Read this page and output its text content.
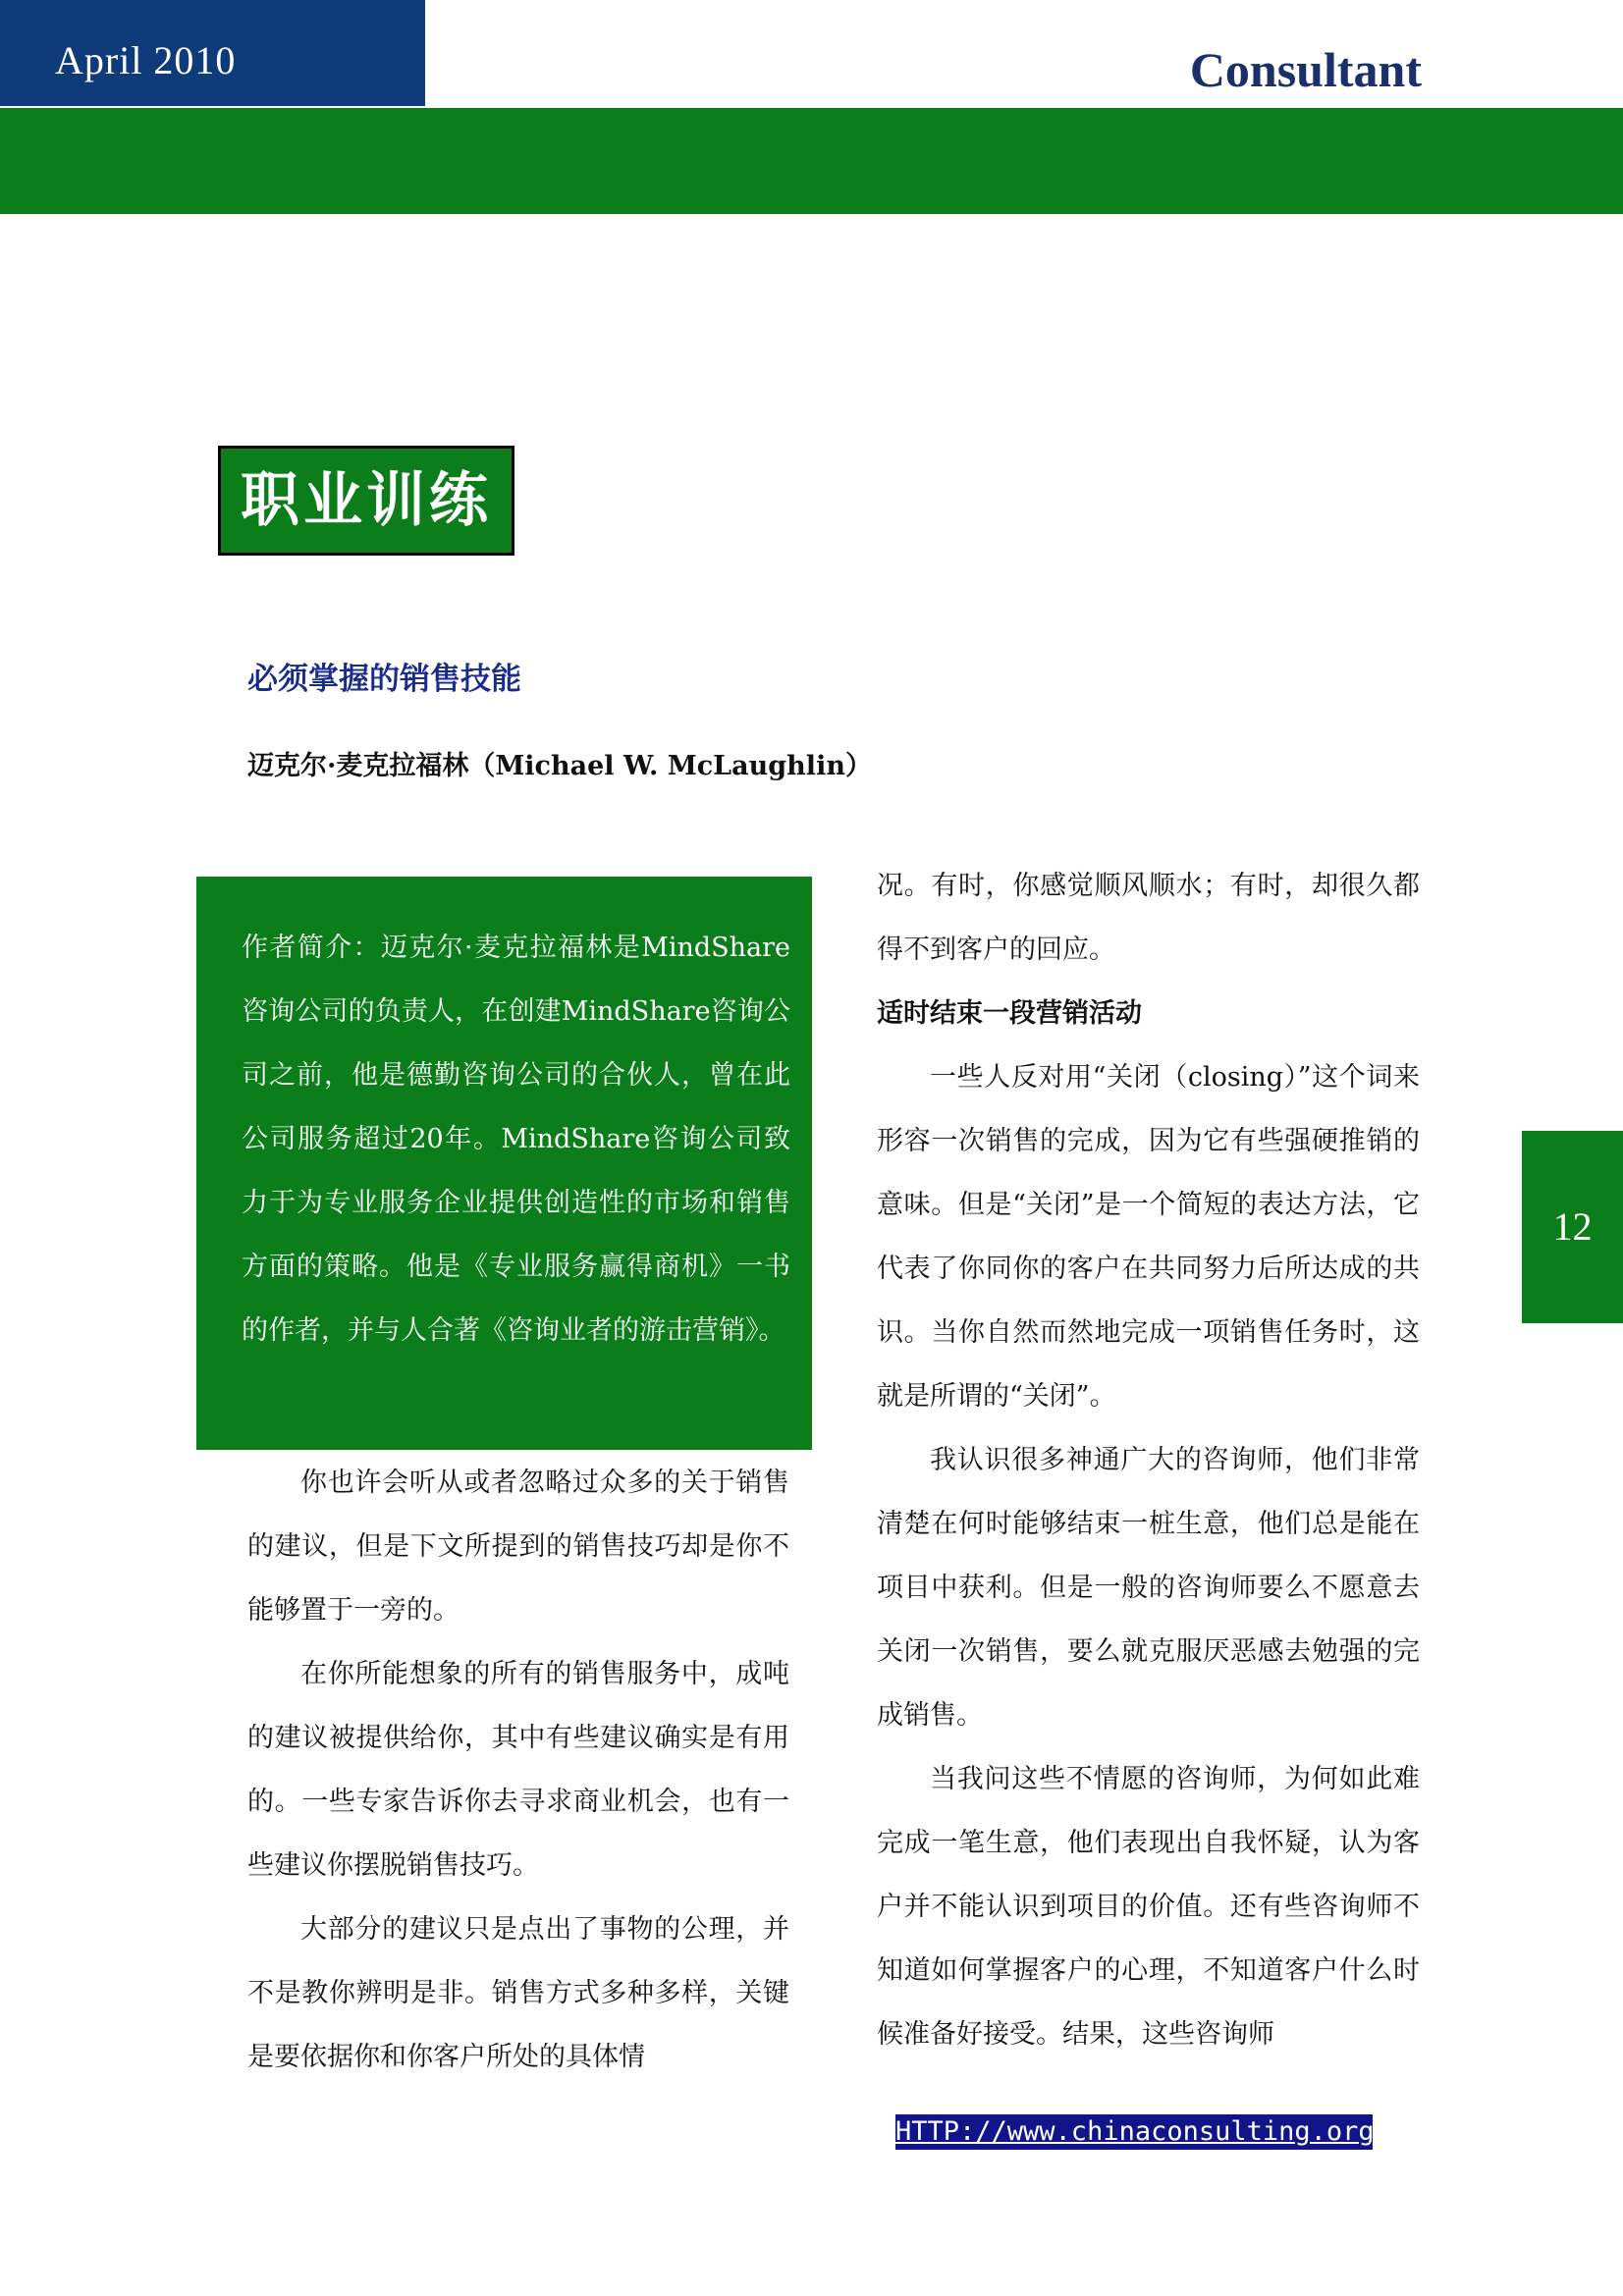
April 2010	Consultant
职业训练
必须掌握的销售技能
迈克尔·麦克拉福林（Michael W. McLaughlin）
作者简介：迈克尔·麦克拉福林是MindShare咨询公司的负责人，在创建MindShare咨询公司之前，他是德勤咨询公司的合伙人，曾在此公司服务超过20年。MindShare咨询公司致力于为专业服务企业提供创造性的市场和销售方面的策略。他是《专业服务赢得商机》一书的作者，并与人合著《咨询业者的游击营销》。

你也许会听从或者忽略过众多的关于销售的建议，但是下文所提到的销售技巧却是你不能够置于一旁的。

在你所能想象的所有的销售服务中，成吨的建议被提供给你，其中有些建议确实是有用的。一些专家告诉你去寻求商业机会，也有一些建议你摆脱销售技巧。

大部分的建议只是点出了事物的公理，并不是教你辨明是非。销售方式多种多样，关键是要依据你和你客户所处的具体情

况。有时，你感觉顺风顺水；有时，却很久都得不到客户的回应。

适时结束一段营销活动

一些人反对用“关闭（closing）”这个词来形容一次销售的完成，因为它有些强硬推销的意味。但是“关闭”是一个简短的表达方法，它代表了你同你的客户在共同努力后所达成的共识。当你自然而然地完成一项销售任务时，这就是所谓的“关闭”。

我认识很多神通广大的咨询师，他们非常清楚在何时能够结束一桩生意，他们总是能在项目中获利。但是一般的咨询师要么不愿意去关闭一次销售，要么就克服厌恶感去勉强的完成销售。

当我问这些不情愿的咨询师，为何如此难完成一笔生意，他们表现出自我怀疑，认为客户并不能认识到项目的价值。还有些咨询师不知道如何掌握客户的心理，不知道客户什么时候准备好接受。结果，这些咨询师

12
HTTP://www.chinaconsulting.org.cn
